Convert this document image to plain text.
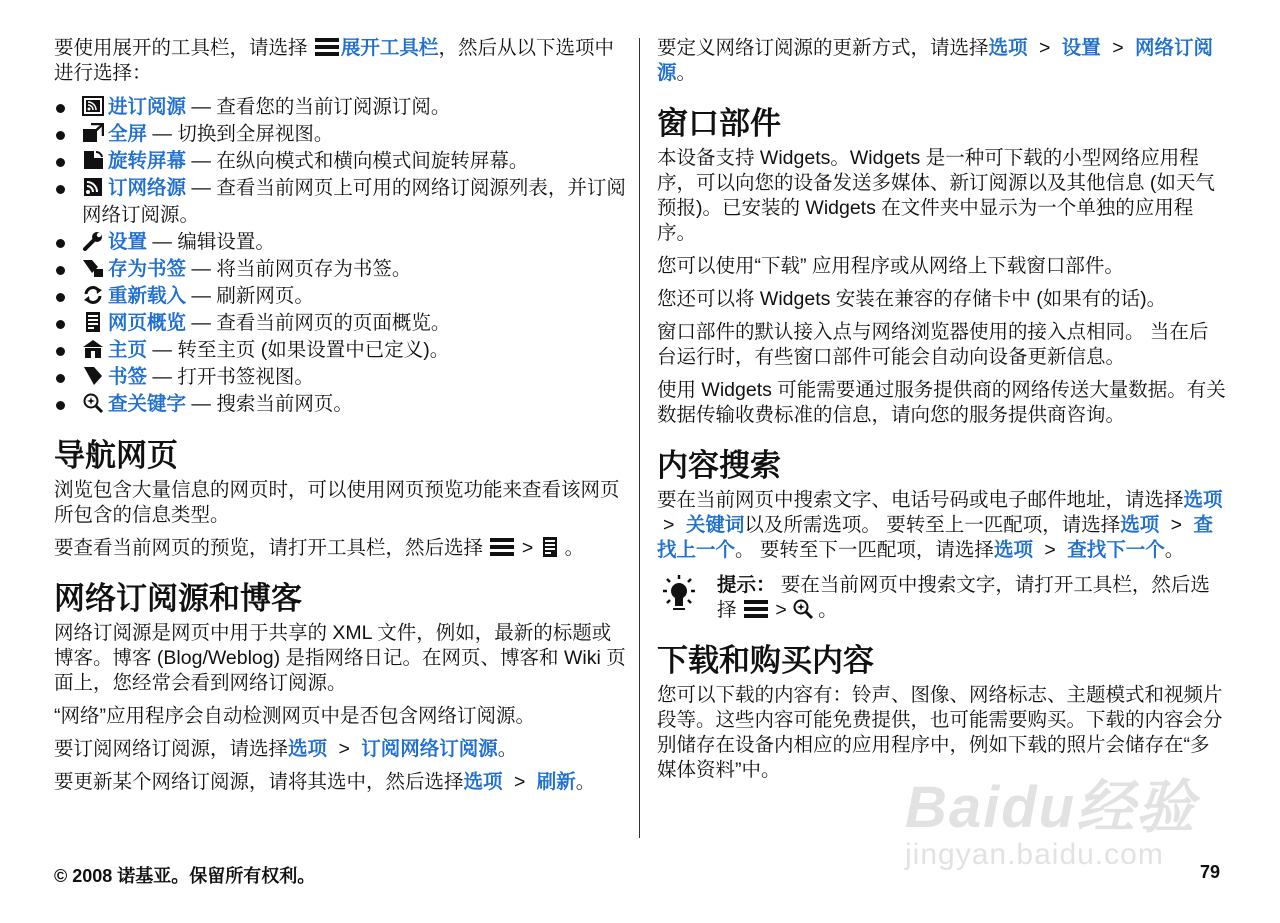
要使用展开的工具栏，请选择
展开工具栏，然后从以下选项中进行选择：

进订阅源 — 查看您的当前订阅源订阅。
全屏 — 切换到全屏视图。
旋转屏幕 — 在纵向模式和横向模式间旋转屏幕。
订网络源 — 查看当前网页上可用的网络订阅源列表，并订阅网络订阅源。
设置 — 编辑设置。
存为书签 — 将当前网页存为书签。
重新载入 — 刷新网页。
网页概览 — 查看当前网页的页面概览。
主页 — 转至主页 (如果设置中已定义)。
书签 — 打开书签视图。
查关键字 — 搜索当前网页。
导航网页

浏览包含大量信息的网页时，可以使用网页预览功能来查看该网页所包含的信息类型。

要查看当前网页的预览，请打开工具栏，然后选择
>
。

网络订阅源和博客

网络订阅源是网页中用于共享的 XML 文件，例如，最新的标题或博客。博客 (Blog/Weblog) 是指网络日记。在网页、博客和 Wiki 页面上，您经常会看到网络订阅源。

“网络”应用程序会自动检测网页中是否包含网络订阅源。

要订阅网络订阅源，请选择选项 > 订阅网络订阅源。

要更新某个网络订阅源，请将其选中，然后选择选项 > 刷新。

要定义网络订阅源的更新方式，请选择选项 > 设置 > 网络订阅源。

窗口部件

本设备支持 Widgets。Widgets 是一种可下载的小型网络应用程序，可以向您的设备发送多媒体、新订阅源以及其他信息 (如天气预报)。已安装的 Widgets 在文件夹中显示为一个单独的应用程序。

您可以使用“下载” 应用程序或从网络上下载窗口部件。

您还可以将 Widgets 安装在兼容的存储卡中 (如果有的话)。

窗口部件的默认接入点与网络浏览器使用的接入点相同。 当在后台运行时，有些窗口部件可能会自动向设备更新信息。

使用 Widgets 可能需要通过服务提供商的网络传送大量数据。有关数据传输收费标准的信息，请向您的服务提供商咨询。

内容搜索

要在当前网页中搜索文字、电话号码或电子邮件地址，请选择选项 > 关键词以及所需选项。 要转至上一匹配项，请选择选项 > 查找上一个。 要转至下一匹配项，请选择选项 > 查找下一个。

提示： 要在当前网页中搜索文字，请打开工具栏，然后选择
>
。

下载和购买内容

您可以下载的内容有：铃声、图像、网络标志、主题模式和视频片段等。这些内容可能免费提供，也可能需要购买。下载的内容会分别储存在设备内相应的应用程序中，例如下载的照片会储存在“多媒体资料”中。

Baidu经验
jingyan.baidu.com
© 2008 诺基亚。保留所有权利。	79
